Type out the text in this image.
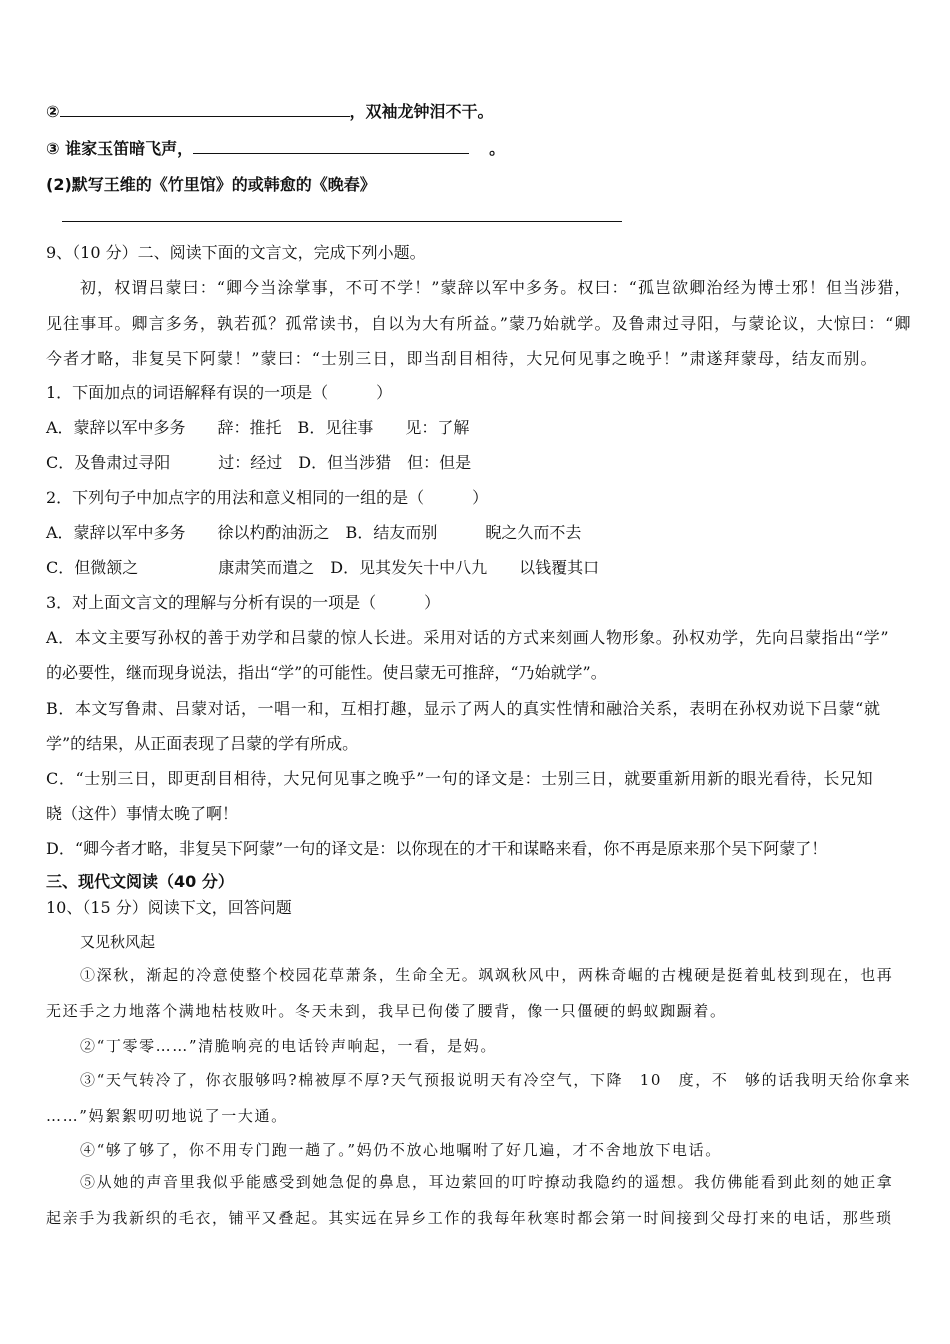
②	，双袖龙钟泪不干。
③ 谁家玉笛暗飞声，	。
(2)默写王维的《竹里馆》的或韩愈的《晚春》
9、（10 分）二、阅读下面的文言文，完成下列小题。
初，权谓吕蒙曰：“卿今当涂掌事，不可不学！”蒙辞以军中多务。权曰：“孤岂欲卿治经为博士邪！但当涉猎，
见往事耳。卿言多务，孰若孤？孤常读书，自以为大有所益。”蒙乃始就学。及鲁肃过寻阳，与蒙论议，大惊曰：“卿
今者才略，非复吴下阿蒙！”蒙曰：“士别三日，即当刮目相待，大兄何见事之晚乎！”肃遂拜蒙母，结友而别。
1．下面加点的词语解释有误的一项是（　　　）
A．蒙辞以军中多务　　辞：推托　B．见往事　　见：了解
C．及鲁肃过寻阳　　　过：经过　D．但当涉猎　但：但是
2．下列句子中加点字的用法和意义相同的一组的是（　　　）
A．蒙辞以军中多务　　徐以杓酌油沥之　B．结友而别　　　睨之久而不去
C．但微颔之　　　　　康肃笑而遣之　D．见其发矢十中八九　　以钱覆其口
3．对上面文言文的理解与分析有误的一项是（　　　）
A．本文主要写孙权的善于劝学和吕蒙的惊人长进。采用对话的方式来刻画人物形象。孙权劝学，先向吕蒙指出“学”
的必要性，继而现身说法，指出“学”的可能性。使吕蒙无可推辞，“乃始就学”。
B．本文写鲁肃、吕蒙对话，一唱一和，互相打趣，显示了两人的真实性情和融洽关系，表明在孙权劝说下吕蒙“就
学”的结果，从正面表现了吕蒙的学有所成。
C．“士别三日，即更刮目相待，大兄何见事之晚乎”一句的译文是：士别三日，就要重新用新的眼光看待，长兄知
晓（这件）事情太晚了啊！
D．“卿今者才略，非复吴下阿蒙”一句的译文是：以你现在的才干和谋略来看，你不再是原来那个吴下阿蒙了！
三、现代文阅读（40 分）
10、（15 分）阅读下文，回答问题
又见秋风起
①深秋，渐起的冷意使整个校园花草萧条，生命全无。飒飒秋风中，两株奇崛的古槐硬是挺着虬枝到现在，也再
无还手之力地落个满地枯枝败叶。冬天未到，我早已佝偻了腰背，像一只僵硬的蚂蚁踟蹰着。
②“丁零零……”清脆响亮的电话铃声响起，一看，是妈。
③“天气转冷了，你衣服够吗?棉被厚不厚?天气预报说明天有冷空气，下降　10　度，不　够的话我明天给你拿来
……”妈絮絮叨叨地说了一大通。
④“够了够了，你不用专门跑一趟了。”妈仍不放心地嘱咐了好几遍，才不舍地放下电话。
⑤从她的声音里我似乎能感受到她急促的鼻息，耳边萦回的叮咛撩动我隐约的遥想。我仿佛能看到此刻的她正拿
起亲手为我新织的毛衣，铺平又叠起。其实远在异乡工作的我每年秋寒时都会第一时间接到父母打来的电话，那些琐
